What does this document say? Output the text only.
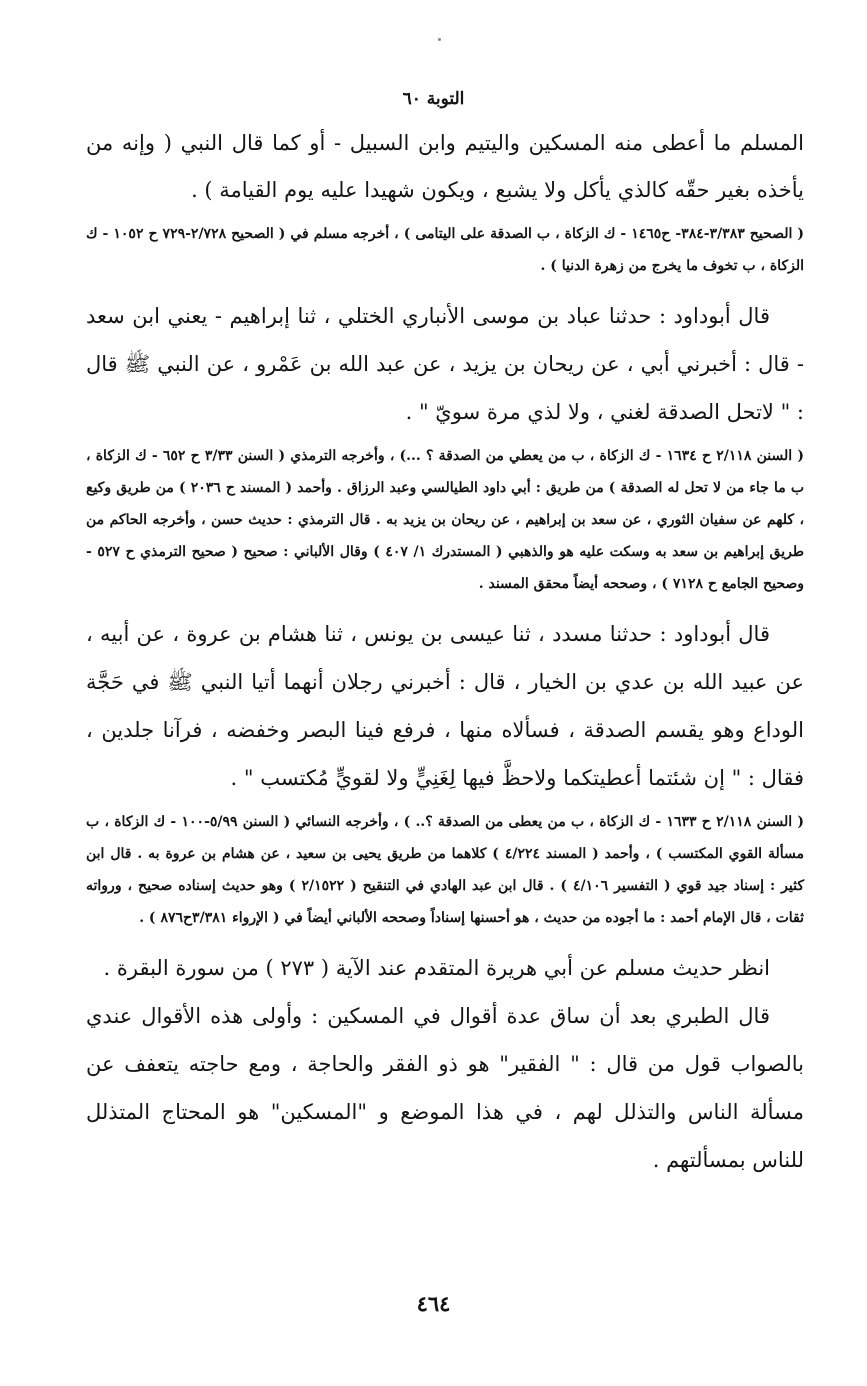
التوبة ٦٠

المسلم ما أعطى منه المسكين واليتيم وابن السبيل - أو كما قال النبي ( وإنه من يأخذه بغير حقّه كالذي يأكل ولا يشبع ، ويكون شهيدا عليه يوم القيامة ) .

( الصحيح ٣/٣٨٣-٣٨٤- ح١٤٦٥ - ك الزكاة ، ب الصدقة على اليتامى ) ، أخرجه مسلم في ( الصحيح ٢/٧٢٨-٧٢٩ ح ١٠٥٢ - ك الزكاة ، ب تخوف ما يخرج من زهرة الدنيا ) .

قال أبوداود : حدثنا عباد بن موسى الأنباري الختلي ، ثنا إبراهيم - يعني ابن سعد - قال : أخبرني أبي ، عن ريحان بن يزيد ، عن عبد الله بن عَمْرو ، عن النبي ﷺ قال : " لاتحل الصدقة لغني ، ولا لذي مرة سويّ " .

( السنن ٢/١١٨ ح ١٦٣٤ - ك الزكاة ، ب من يعطي من الصدقة ؟ ...) ، وأخرجه الترمذي ( السنن ٣/٣٣ ح ٦٥٢ - ك الزكاة ، ب ما جاء من لا تحل له الصدقة ) من طريق : أبي داود الطيالسي وعبد الرزاق . وأحمد ( المسند ح ٢٠٣٦ ) من طريق وكيع ، كلهم عن سفيان الثوري ، عن سعد بن إبراهيم ، عن ريحان بن يزيد به . قال الترمذي : حديث حسن ، وأخرجه الحاكم من طريق إبراهيم بن سعد به وسكت عليه هو والذهبي ( المستدرك ١/ ٤٠٧ ) وقال الألباني : صحيح ( صحيح الترمذي ح ٥٢٧ - وصحيح الجامع ح ٧١٢٨ ) ، وصححه أيضاً محقق المسند .

قال أبوداود : حدثنا مسدد ، ثنا عيسى بن يونس ، ثنا هشام بن عروة ، عن أبيه ، عن عبيد الله بن عدي بن الخيار ، قال : أخبرني رجلان أنهما أتيا النبي ﷺ في حَجَّة الوداع وهو يقسم الصدقة ، فسألاه منها ، فرفع فينا البصر وخفضه ، فرآنا جلدين ، فقال : " إن شئتما أعطيتكما ولاحظَّ فيها لِغَنِيٍّ ولا لقويٍّ مُكتسب " .

( السنن ٢/١١٨ ح ١٦٣٣ - ك الزكاة ، ب من يعطى من الصدقة ؟.. ) ، وأخرجه النسائي ( السنن ٥/٩٩-١٠٠ - ك الزكاة ، ب مسألة القوي المكتسب ) ، وأحمد ( المسند ٤/٢٢٤ ) كلاهما من طريق يحيى بن سعيد ، عن هشام بن عروة به . قال ابن كثير : إسناد جيد قوي ( التفسير ٤/١٠٦ ) . قال ابن عبد الهادي في التنقيح ( ٢/١٥٢٢ ) وهو حديث إسناده صحيح ، ورواته ثقات ، قال الإمام أحمد : ما أجوده من حديث ، هو أحسنها إسناداً وصححه الألباني أيضاً في ( الإرواء ٣/٣٨١ح٨٧٦ ) .

انظر حديث مسلم عن أبي هريرة المتقدم عند الآية ( ٢٧٣ ) من سورة البقرة .

قال الطبري بعد أن ساق عدة أقوال في المسكين : وأولى هذه الأقوال عندي بالصواب قول من قال : " الفقير" هو ذو الفقر والحاجة ، ومع حاجته يتعفف عن مسألة الناس والتذلل لهم ، في هذا الموضع و "المسكين" هو المحتاج المتذلل للناس بمسألتهم .

٤٦٤
